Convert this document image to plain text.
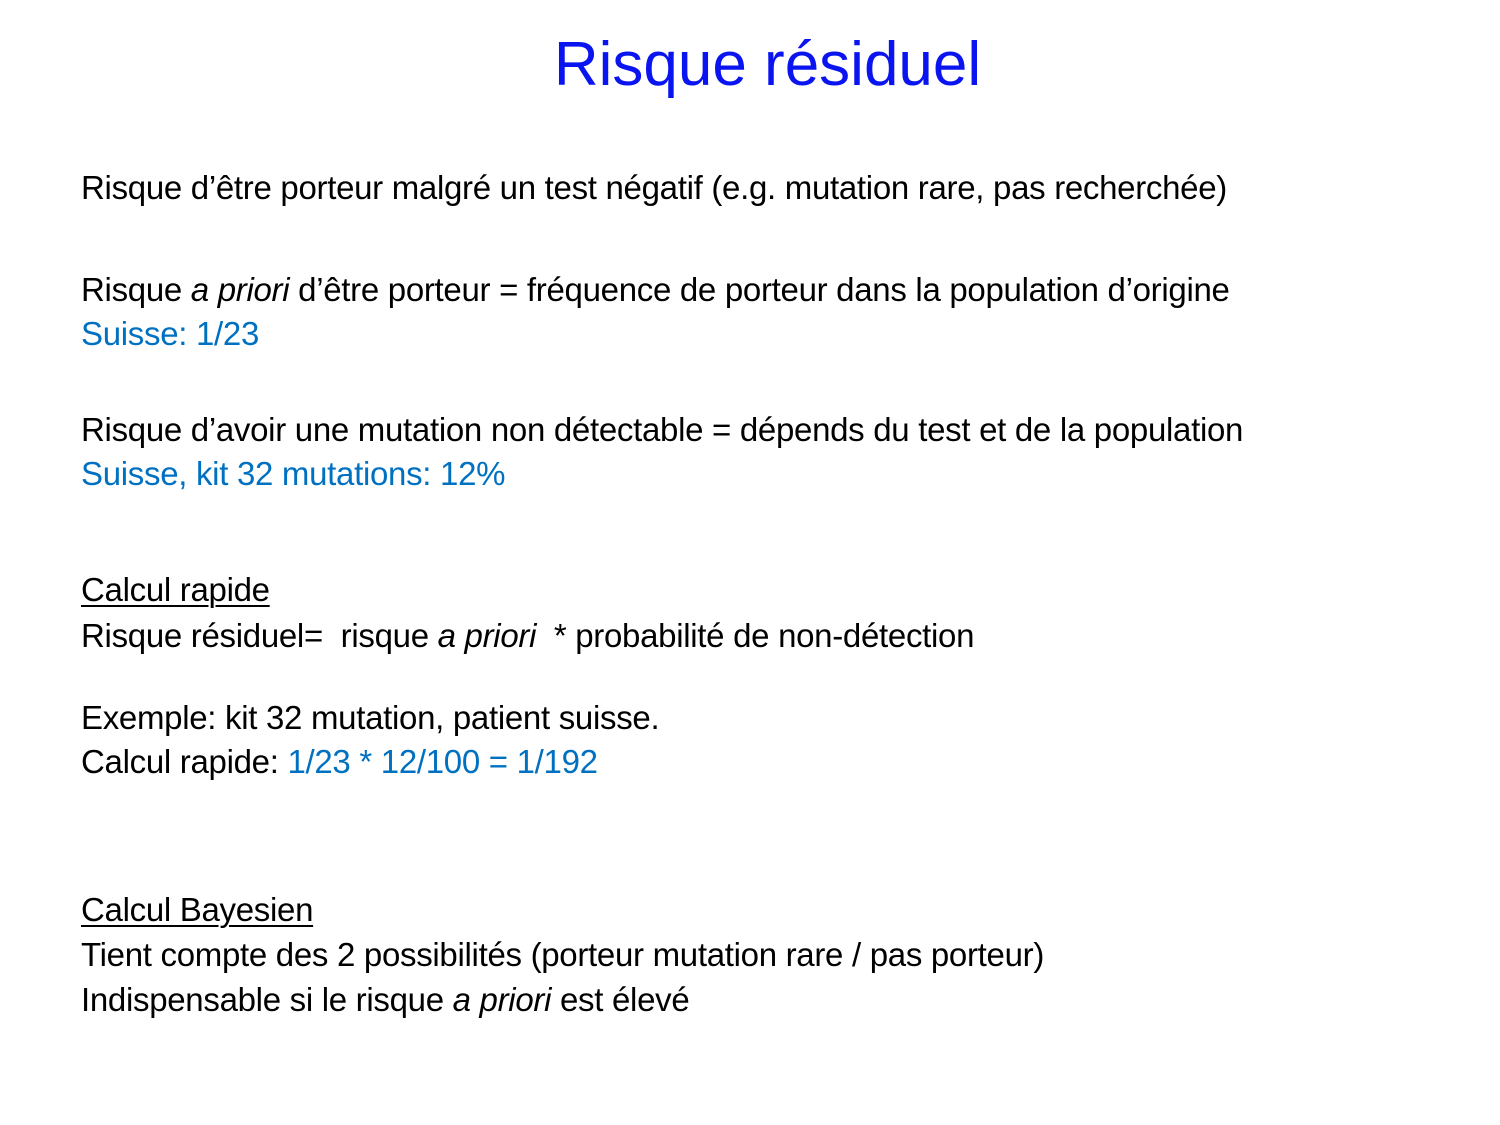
Risque résiduel
Risque d’être porteur malgré un test négatif (e.g. mutation rare, pas recherchée)
Risque a priori d’être porteur = fréquence de porteur dans la population d’origine
Suisse: 1/23
Risque d’avoir une mutation non détectable = dépends du test et de la population
Suisse, kit 32 mutations: 12%
Calcul rapide
Risque résiduel=  risque a priori  * probabilité de non-détection
Exemple: kit 32 mutation, patient suisse.
Calcul rapide: 1/23 * 12/100 = 1/192
Calcul Bayesien
Tient compte des 2 possibilités (porteur mutation rare / pas porteur)
Indispensable si le risque a priori est élevé
